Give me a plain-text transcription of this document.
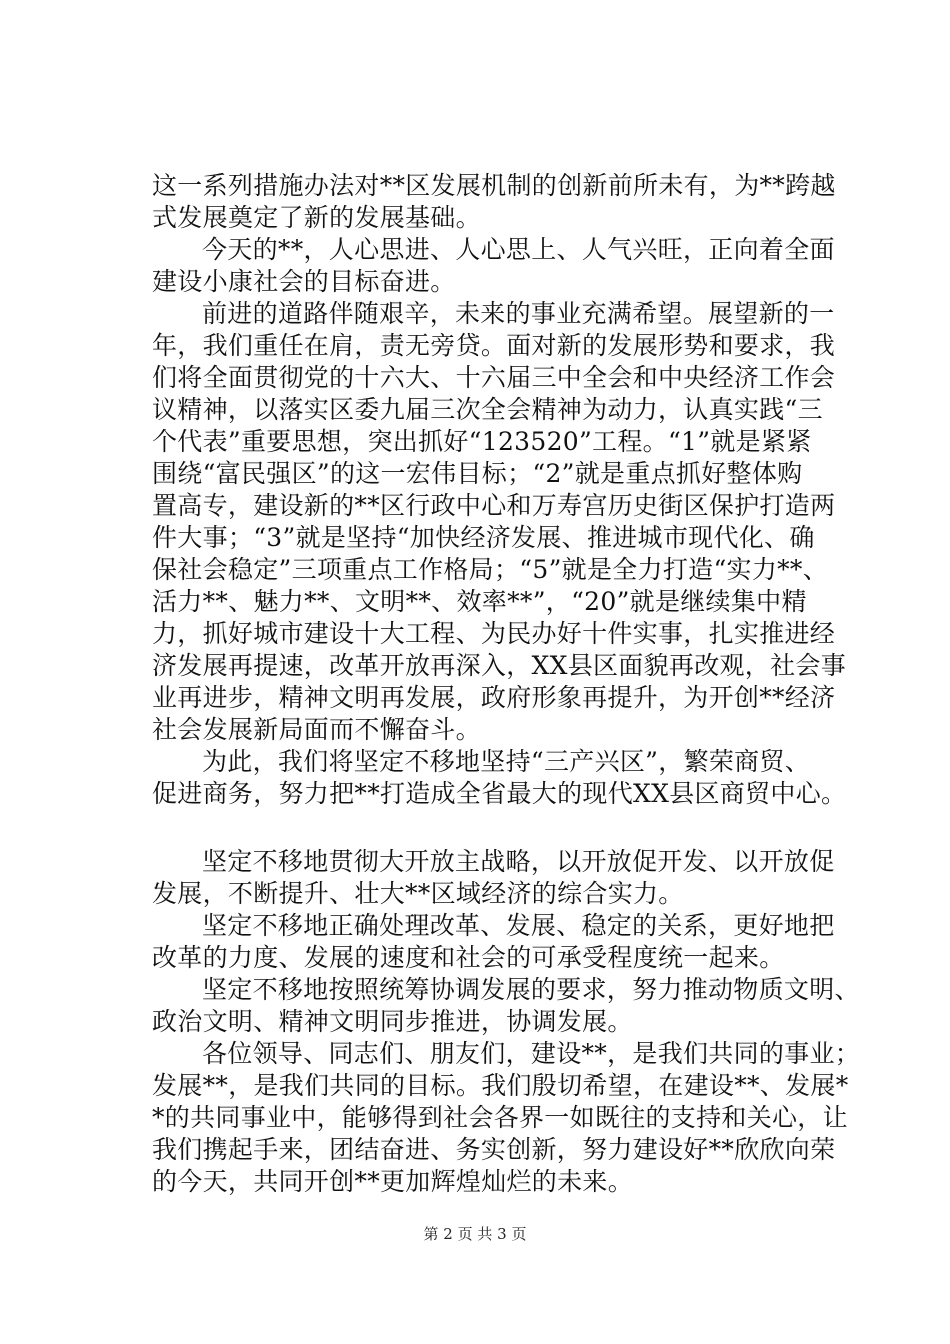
这一系列措施办法对**区发展机制的创新前所未有，为**跨越
式发展奠定了新的发展基础。
今天的**，人心思进、人心思上、人气兴旺，正向着全面
建设小康社会的目标奋进。
前进的道路伴随艰辛，未来的事业充满希望。展望新的一
年，我们重任在肩，责无旁贷。面对新的发展形势和要求，我
们将全面贯彻党的十六大、十六届三中全会和中央经济工作会
议精神，以落实区委九届三次全会精神为动力，认真实践“三
个代表”重要思想，突出抓好“123520”工程。“1”就是紧紧
围绕“富民强区”的这一宏伟目标；“2”就是重点抓好整体购
置高专，建设新的**区行政中心和万寿宫历史街区保护打造两
件大事；“3”就是坚持“加快经济发展、推进城市现代化、确
保社会稳定”三项重点工作格局；“5”就是全力打造“实力**、
活力**、魅力**、文明**、效率**”，“20”就是继续集中精
力，抓好城市建设十大工程、为民办好十件实事，扎实推进经
济发展再提速，改革开放再深入，XX县区面貌再改观，社会事
业再进步，精神文明再发展，政府形象再提升，为开创**经济
社会发展新局面而不懈奋斗。
为此，我们将坚定不移地坚持“三产兴区”，繁荣商贸、
促进商务，努力把**打造成全省最大的现代XX县区商贸中心。
坚定不移地贯彻大开放主战略，以开放促开发、以开放促
发展，不断提升、壮大**区域经济的综合实力。
坚定不移地正确处理改革、发展、稳定的关系，更好地把
改革的力度、发展的速度和社会的可承受程度统一起来。
坚定不移地按照统筹协调发展的要求，努力推动物质文明、
政治文明、精神文明同步推进，协调发展。
各位领导、同志们、朋友们，建设**，是我们共同的事业；
发展**，是我们共同的目标。我们殷切希望，在建设**、发展*
*的共同事业中，能够得到社会各界一如既往的支持和关心，让
我们携起手来，团结奋进、务实创新，努力建设好**欣欣向荣
的今天，共同开创**更加辉煌灿烂的未来。
第 2 页 共 3 页
